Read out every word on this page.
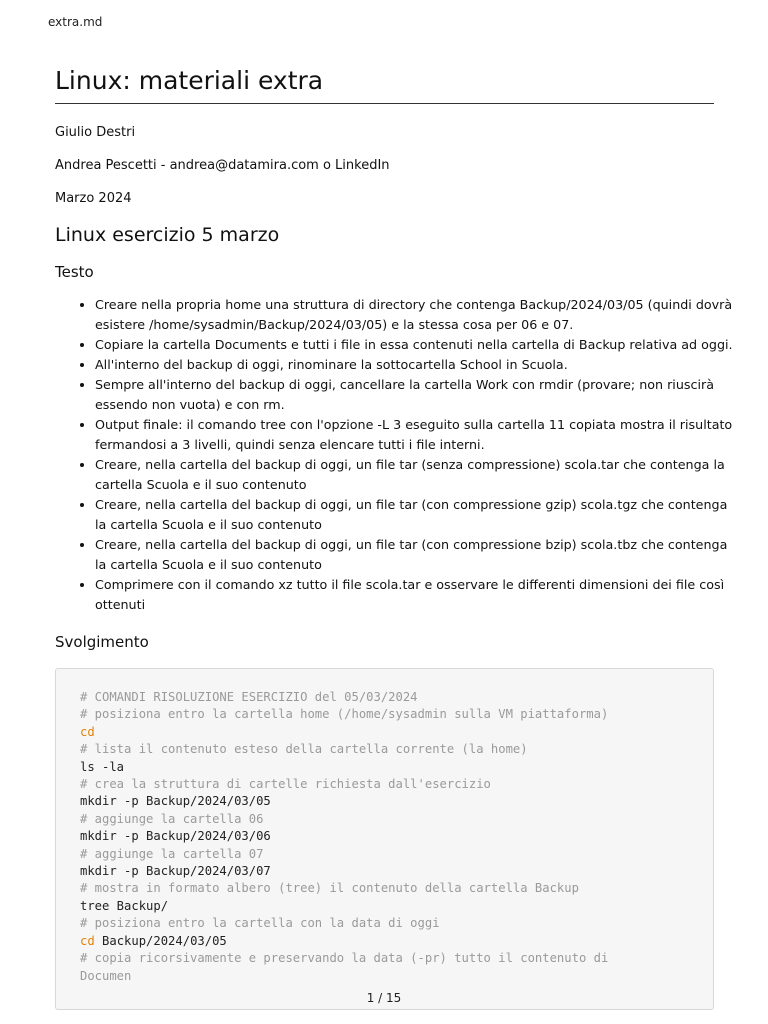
extra.md
Linux: materiali extra
Giulio Destri
Andrea Pescetti - andrea@datamira.com o LinkedIn
Marzo 2024
Linux esercizio 5 marzo
Testo
• Creare nella propria home una struttura di directory che contenga Backup/2024/03/05 (quindi dovrà esistere /home/sysadmin/Backup/2024/03/05) e la stessa cosa per 06 e 07.
• Copiare la cartella Documents e tutti i file in essa contenuti nella cartella di Backup relativa ad oggi.
• All'interno del backup di oggi, rinominare la sottocartella School in Scuola.
• Sempre all'interno del backup di oggi, cancellare la cartella Work con rmdir (provare; non riuscirà essendo non vuota) e con rm.
• Output finale: il comando tree con l'opzione -L 3 eseguito sulla cartella 11 copiata mostra il risultato fermandosi a 3 livelli, quindi senza elencare tutti i file interni.
• Creare, nella cartella del backup di oggi, un file tar (senza compressione) scola.tar che contenga la cartella Scuola e il suo contenuto
• Creare, nella cartella del backup di oggi, un file tar (con compressione gzip) scola.tgz che contenga la cartella Scuola e il suo contenuto
• Creare, nella cartella del backup di oggi, un file tar (con compressione bzip) scola.tbz che contenga la cartella Scuola e il suo contenuto
• Comprimere con il comando xz tutto il file scola.tar e osservare le differenti dimensioni dei file così ottenuti
Svolgimento
# COMANDI RISOLUZIONE ESERCIZIO del 05/03/2024
# posiziona entro la cartella home (/home/sysadmin sulla VM piattaforma)
cd
# lista il contenuto esteso della cartella corrente (la home)
ls -la
# crea la struttura di cartelle richiesta dall'esercizio
mkdir -p Backup/2024/03/05
# aggiunge la cartella 06
mkdir -p Backup/2024/03/06
# aggiunge la cartella 07
mkdir -p Backup/2024/03/07
# mostra in formato albero (tree) il contenuto della cartella Backup
tree Backup/
# posiziona entro la cartella con la data di oggi
cd Backup/2024/03/05
# copia ricorsivamente e preservando la data (-pr) tutto il contenuto di
Documen
1 / 15
